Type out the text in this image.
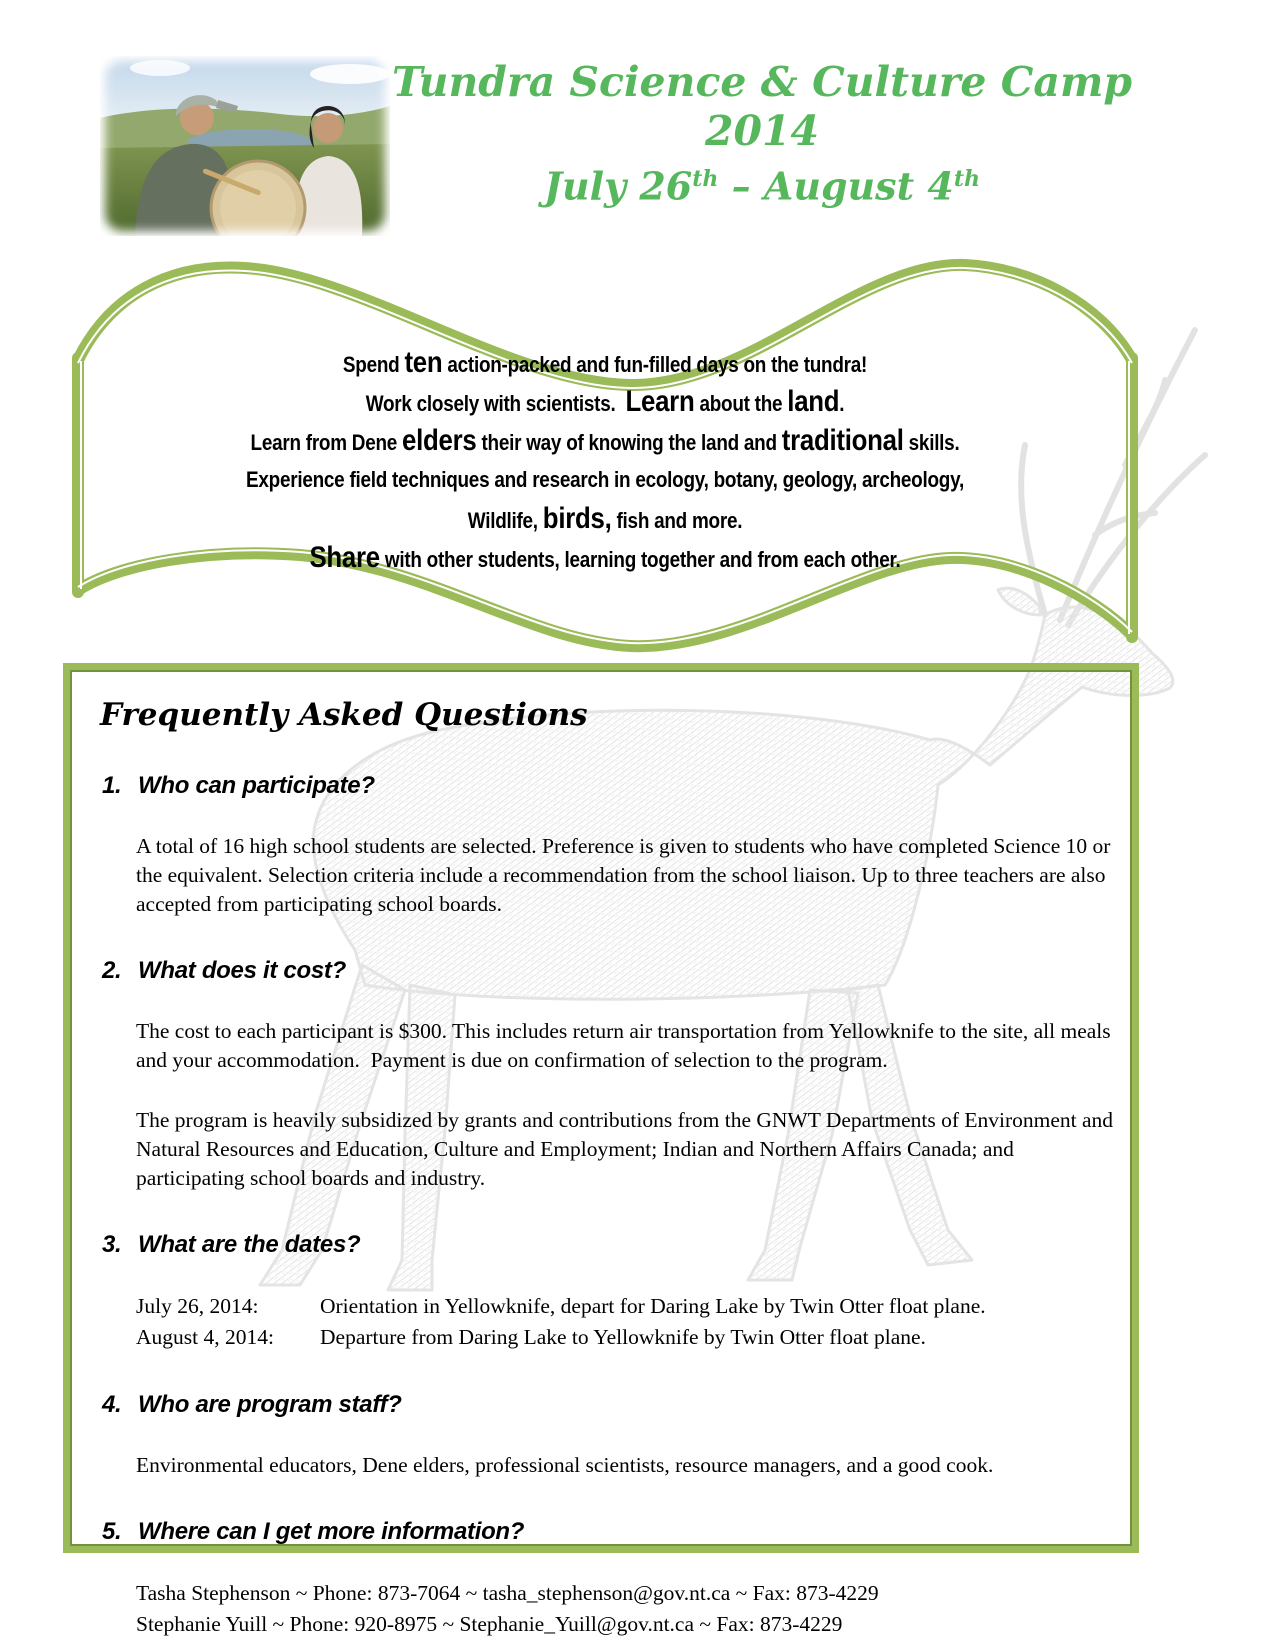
Tundra Science & Culture Camp
2014
July 26th – August 4th
Spend ten action-packed and fun-filled days on the tundra!
Work closely with scientists.  Learn about the land.
Learn from Dene elders their way of knowing the land and traditional skills.
Experience field techniques and research in ecology, botany, geology, archeology,
Wildlife, birds, fish and more.
Share with other students, learning together and from each other.
Frequently Asked Questions
1. Who can participate?

A total of 16 high school students are selected. Preference is given to students who have completed Science 10 or the equivalent. Selection criteria include a recommendation from the school liaison. Up to three teachers are also accepted from participating school boards.

2. What does it cost?

The cost to each participant is $300. This includes return air transportation from Yellowknife to the site, all meals and your accommodation.  Payment is due on confirmation of selection to the program.

The program is heavily subsidized by grants and contributions from the GNWT Departments of Environment and Natural Resources and Education, Culture and Employment; Indian and Northern Affairs Canada; and participating school boards and industry.

3. What are the dates?
July 26, 2014:	Orientation in Yellowknife, depart for Daring Lake by Twin Otter float plane.
August 4, 2014:	Departure from Daring Lake to Yellowknife by Twin Otter float plane.
4. Who are program staff?

Environmental educators, Dene elders, professional scientists, resource managers, and a good cook.

5. Where can I get more information?
Tasha Stephenson ~ Phone: 873-7064 ~ tasha_stephenson@gov.nt.ca ~ Fax: 873-4229
Stephanie Yuill ~ Phone: 920-8975 ~ Stephanie_Yuill@gov.nt.ca ~ Fax: 873-4229
